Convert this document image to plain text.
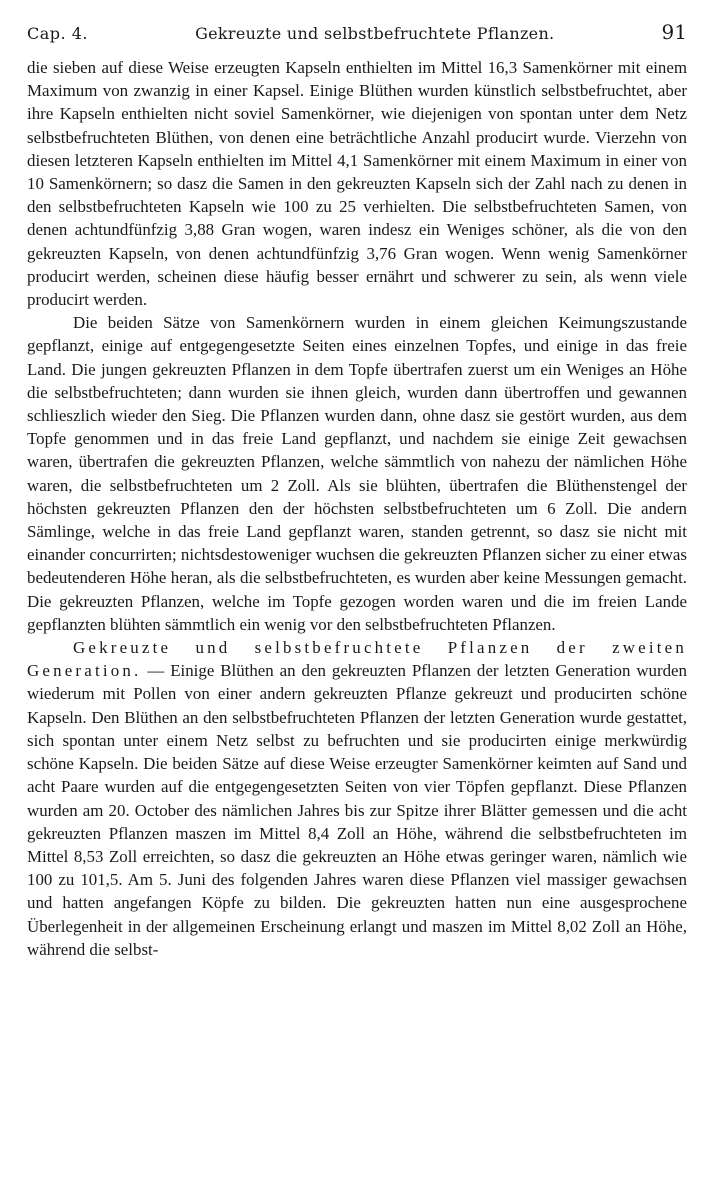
Cap. 4.	Gekreuzte und selbstbefruchtete Pflanzen.	91

die sieben auf diese Weise erzeugten Kapseln enthielten im Mittel 16,3 Samenkörner mit einem Maximum von zwanzig in einer Kapsel. Einige Blüthen wurden künstlich selbstbefruchtet, aber ihre Kapseln enthielten nicht soviel Samenkörner, wie diejenigen von spontan unter dem Netz selbstbefruchteten Blüthen, von denen eine beträchtliche Anzahl producirt wurde. Vierzehn von diesen letzteren Kapseln enthielten im Mittel 4,1 Samenkörner mit einem Maximum in einer von 10 Samenkörnern; so dasz die Samen in den gekreuzten Kapseln sich der Zahl nach zu denen in den selbstbefruchteten Kapseln wie 100 zu 25 verhielten. Die selbstbefruchteten Samen, von denen achtundfünfzig 3,88 Gran wogen, waren indesz ein Weniges schöner, als die von den gekreuzten Kapseln, von denen achtundfünfzig 3,76 Gran wogen. Wenn wenig Samenkörner producirt werden, scheinen diese häufig besser ernährt und schwerer zu sein, als wenn viele producirt werden.

Die beiden Sätze von Samenkörnern wurden in einem gleichen Keimungszustande gepflanzt, einige auf entgegengesetzte Seiten eines einzelnen Topfes, und einige in das freie Land. Die jungen gekreuzten Pflanzen in dem Topfe übertrafen zuerst um ein Weniges an Höhe die selbstbefruchteten; dann wurden sie ihnen gleich, wurden dann übertroffen und gewannen schlieszlich wieder den Sieg. Die Pflanzen wurden dann, ohne dasz sie gestört wurden, aus dem Topfe genommen und in das freie Land gepflanzt, und nachdem sie einige Zeit gewachsen waren, übertrafen die gekreuzten Pflanzen, welche sämmtlich von nahezu der nämlichen Höhe waren, die selbstbefruchteten um 2 Zoll. Als sie blühten, übertrafen die Blüthenstengel der höchsten gekreuzten Pflanzen den der höchsten selbstbefruchteten um 6 Zoll. Die andern Sämlinge, welche in das freie Land gepflanzt waren, standen getrennt, so dasz sie nicht mit einander concurrirten; nichtsdestoweniger wuchsen die gekreuzten Pflanzen sicher zu einer etwas bedeutenderen Höhe heran, als die selbstbefruchteten, es wurden aber keine Messungen gemacht. Die gekreuzten Pflanzen, welche im Topfe gezogen worden waren und die im freien Lande gepflanzten blühten sämmtlich ein wenig vor den selbstbefruchteten Pflanzen.

Gekreuzte und selbstbefruchtete Pflanzen der zweiten Generation. — Einige Blüthen an den gekreuzten Pflanzen der letzten Generation wurden wiederum mit Pollen von einer andern gekreuzten Pflanze gekreuzt und producirten schöne Kapseln. Den Blüthen an den selbstbefruchteten Pflanzen der letzten Generation wurde gestattet, sich spontan unter einem Netz selbst zu befruchten und sie producirten einige merkwürdig schöne Kapseln. Die beiden Sätze auf diese Weise erzeugter Samenkörner keimten auf Sand und acht Paare wurden auf die entgegengesetzten Seiten von vier Töpfen gepflanzt. Diese Pflanzen wurden am 20. October des nämlichen Jahres bis zur Spitze ihrer Blätter gemessen und die acht gekreuzten Pflanzen maszen im Mittel 8,4 Zoll an Höhe, während die selbstbefruchteten im Mittel 8,53 Zoll erreichten, so dasz die gekreuzten an Höhe etwas geringer waren, nämlich wie 100 zu 101,5. Am 5. Juni des folgenden Jahres waren diese Pflanzen viel massiger gewachsen und hatten angefangen Köpfe zu bilden. Die gekreuzten hatten nun eine ausgesprochene Überlegenheit in der allgemeinen Erscheinung erlangt und maszen im Mittel 8,02 Zoll an Höhe, während die selbst-
